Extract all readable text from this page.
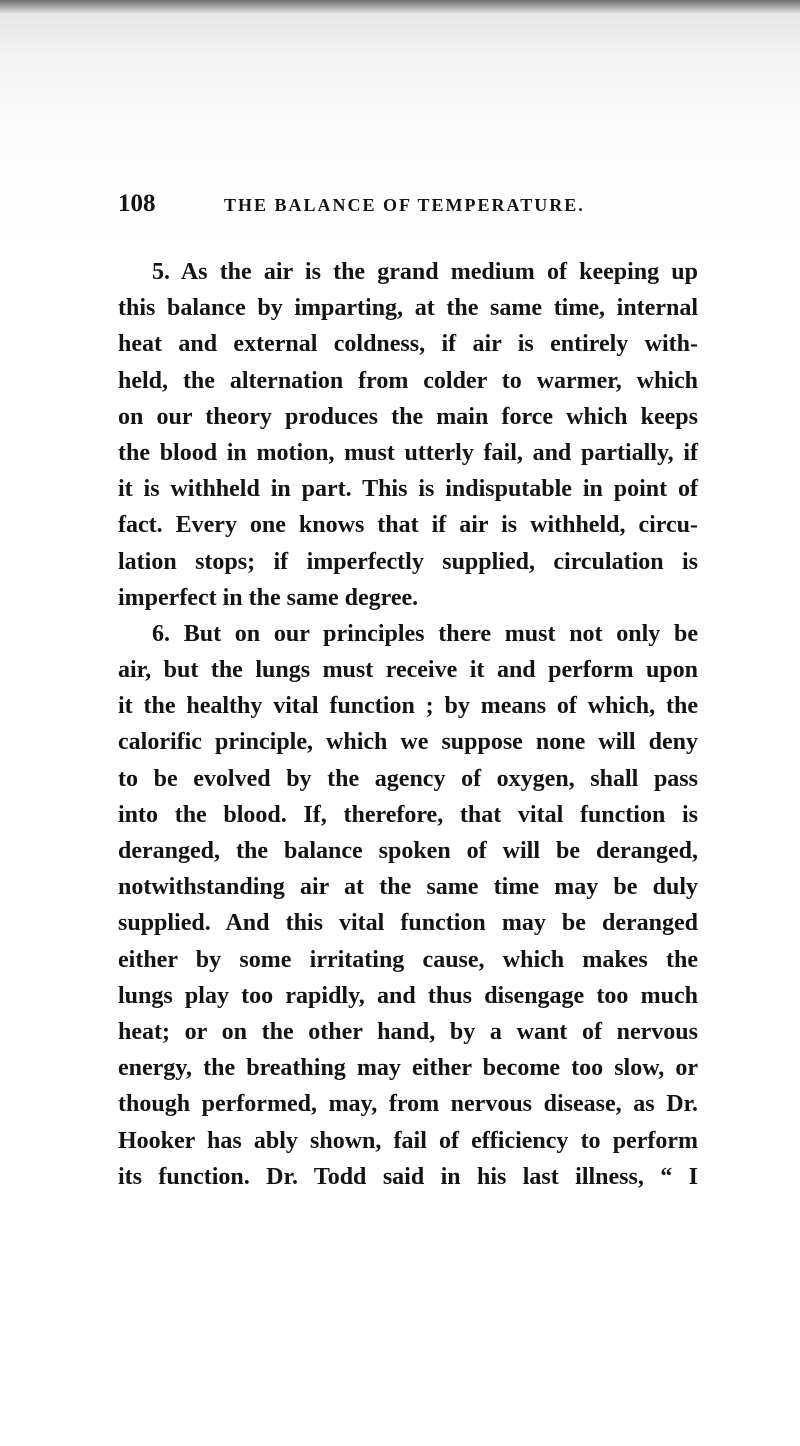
108	THE BALANCE OF TEMPERATURE.
5. As the air is the grand medium of keeping up
this balance by imparting, at the same time, internal
heat and external coldness, if air is entirely with-
held, the alternation from colder to warmer, which
on our theory produces the main force which keeps
the blood in motion, must utterly fail, and partially, if
it is withheld in part. This is indisputable in point of
fact. Every one knows that if air is withheld, circu-
lation stops; if imperfectly supplied, circulation is
imperfect in the same degree.
6. But on our principles there must not only be
air, but the lungs must receive it and perform upon
it the healthy vital function ; by means of which, the
calorific principle, which we suppose none will deny
to be evolved by the agency of oxygen, shall pass
into the blood. If, therefore, that vital function is
deranged, the balance spoken of will be deranged,
notwithstanding air at the same time may be duly
supplied. And this vital function may be deranged
either by some irritating cause, which makes the
lungs play too rapidly, and thus disengage too much
heat; or on the other hand, by a want of nervous
energy, the breathing may either become too slow, or
though performed, may, from nervous disease, as Dr.
Hooker has ably shown, fail of efficiency to perform
its function. Dr. Todd said in his last illness, “ I
